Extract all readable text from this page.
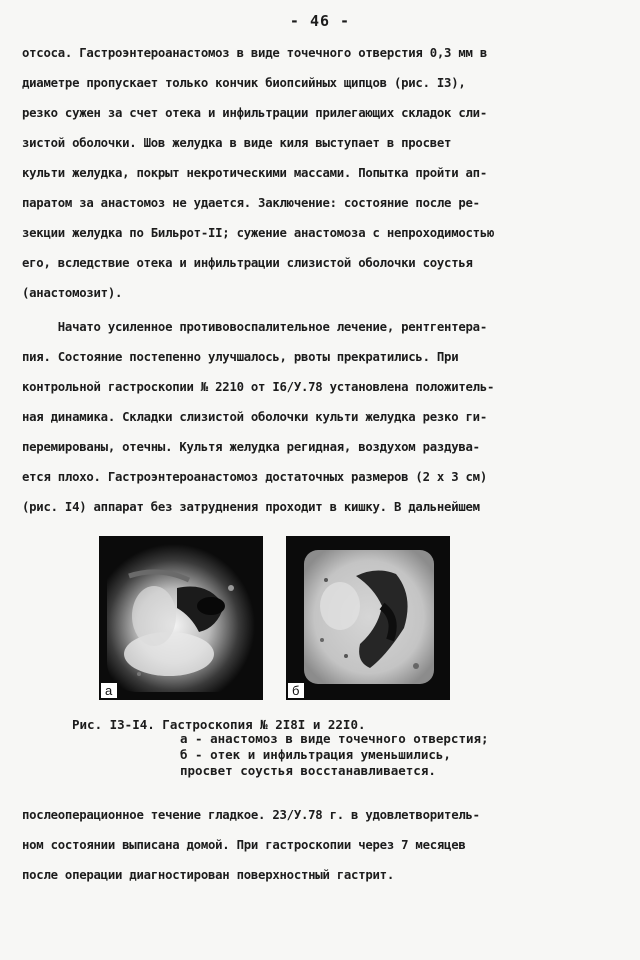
- 46 -
отсоса. Гастроэнтероанастомоз в виде точечного отверстия 0,3 мм в
диаметре пропускает только кончик биопсийных щипцов (рис. I3),
резко сужен за счет отека и инфильтрации прилегающих складок сли-
зистой оболочки. Шов желудка в виде киля выступает в просвет
культи желудка, покрыт некротическими массами. Попытка пройти ап-
паратом за анастомоз не удается. Заключение: состояние после ре-
зекции желудка по Бильрот-II; сужение анастомоза с непроходимостью
его, вследствие отека и инфильтрации слизистой оболочки соустья
(анастомозит).
Начато усиленное противовоспалительное лечение, рентгентера-
пия. Состояние постепенно улучшалось, рвоты прекратились. При
контрольной гастроскопии № 2210 от I6/У.78 установлена положитель-
ная динамика. Складки слизистой оболочки культи желудка резко ги-
перемированы, отечны. Культя желудка регидная, воздухом раздува-
ется плохо. Гастроэнтероанастомоз достаточных размеров (2 х 3 см)
(рис. I4) аппарат без затруднения проходит в кишку. В дальнейшем
а	б
Рис. I3-I4. Гастроскопия № 2I8I и 22I0.
а - анастомоз в виде точечного отверстия;
б - отек и инфильтрация уменьшились,
просвет соустья восстанавливается.
послеоперационное течение гладкое. 23/У.78 г. в удовлетворитель-
ном состоянии выписана домой. При гастроскопии через 7 месяцев
после операции диагностирован поверхностный гастрит.
